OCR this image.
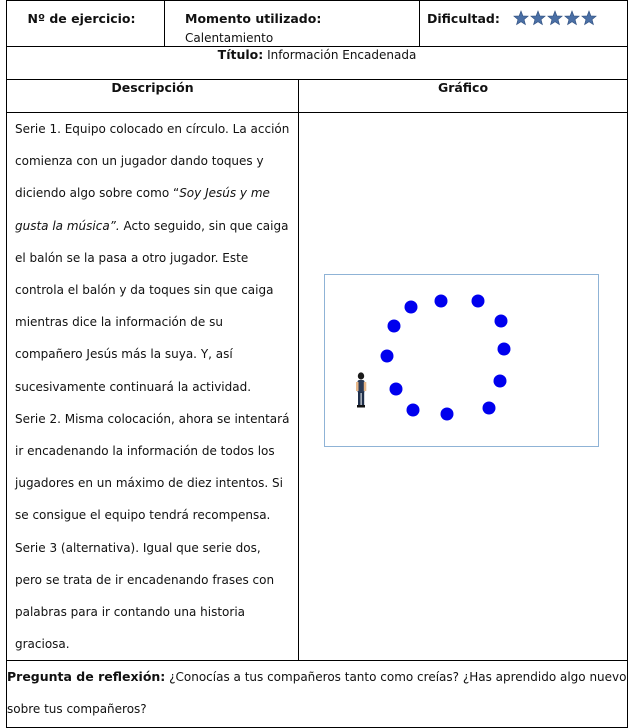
Nº de ejercicio:	Momento utilizado: Calentamiento		Dificultad:

Título: Información Encadenada			
Descripción		Gráfico	

Serie 1. Equipo colocado en círculo. La acción comienza con un jugador dando toques y diciendo algo sobre como “Soy Jesús y me gusta la música”. Acto seguido, sin que caiga el balón se la pasa a otro jugador. Este controla el balón y da toques sin que caiga mientras dice la información de su compañero Jesús más la suya. Y, así sucesivamente continuará la actividad.

Serie 2. Misma colocación, ahora se intentará ir encadenando la información de todos los jugadores en un máximo de diez intentos. Si se consigue el equipo tendrá recompensa.

Serie 3 (alternativa). Igual que serie dos, pero se trata de ir encadenando frases con palabras para ir contando una historia graciosa.

Pregunta de reflexión: ¿Conocías a tus compañeros tanto como creías? ¿Has aprendido algo nuevo sobre tus compañeros?			
